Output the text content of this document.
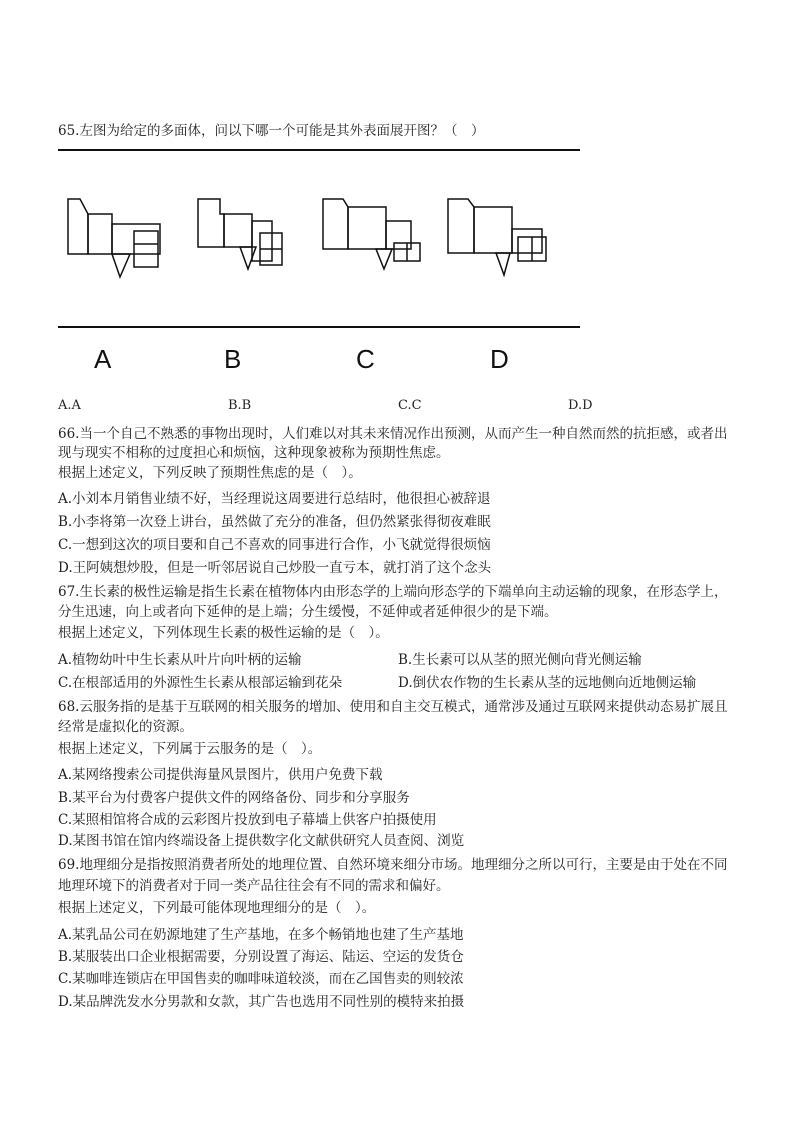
65.左图为给定的多面体，问以下哪一个可能是其外表面展开图？（　）
A	B	C	D
A.A	B.B	C.C	D.D
66.当一个自己不熟悉的事物出现时，人们难以对其未来情况作出预测，从而产生一种自然而然的抗拒感，或者出
现与现实不相称的过度担心和烦恼，这种现象被称为预期性焦虑。
根据上述定义，下列反映了预期性焦虑的是（　）。
A.小刘本月销售业绩不好，当经理说这周要进行总结时，他很担心被辞退
B.小李将第一次登上讲台，虽然做了充分的准备，但仍然紧张得彻夜难眠
C.一想到这次的项目要和自己不喜欢的同事进行合作，小飞就觉得很烦恼
D.王阿姨想炒股，但是一听邻居说自己炒股一直亏本，就打消了这个念头
67.生长素的极性运输是指生长素在植物体内由形态学的上端向形态学的下端单向主动运输的现象，在形态学上，
分生迅速，向上或者向下延伸的是上端；分生缓慢，不延伸或者延伸很少的是下端。
根据上述定义，下列体现生长素的极性运输的是（　）。
A.植物幼叶中生长素从叶片向叶柄的运输	B.生长素可以从茎的照光侧向背光侧运输
C.在根部适用的外源性生长素从根部运输到花朵	D.倒伏农作物的生长素从茎的远地侧向近地侧运输
68.云服务指的是基于互联网的相关服务的增加、使用和自主交互模式，通常涉及通过互联网来提供动态易扩展且
经常是虚拟化的资源。
根据上述定义，下列属于云服务的是（　）。
A.某网络搜索公司提供海量风景图片，供用户免费下载
B.某平台为付费客户提供文件的网络备份、同步和分享服务
C.某照相馆将合成的云彩图片投放到电子幕墙上供客户拍摄使用
D.某图书馆在馆内终端设备上提供数字化文献供研究人员查阅、浏览
69.地理细分是指按照消费者所处的地理位置、自然环境来细分市场。地理细分之所以可行，主要是由于处在不同
地理环境下的消费者对于同一类产品往往会有不同的需求和偏好。
根据上述定义，下列最可能体现地理细分的是（　）。
A.某乳品公司在奶源地建了生产基地，在多个畅销地也建了生产基地
B.某服装出口企业根据需要，分别设置了海运、陆运、空运的发货仓
C.某咖啡连锁店在甲国售卖的咖啡味道较淡，而在乙国售卖的则较浓
D.某品牌洗发水分男款和女款，其广告也选用不同性别的模特来拍摄
